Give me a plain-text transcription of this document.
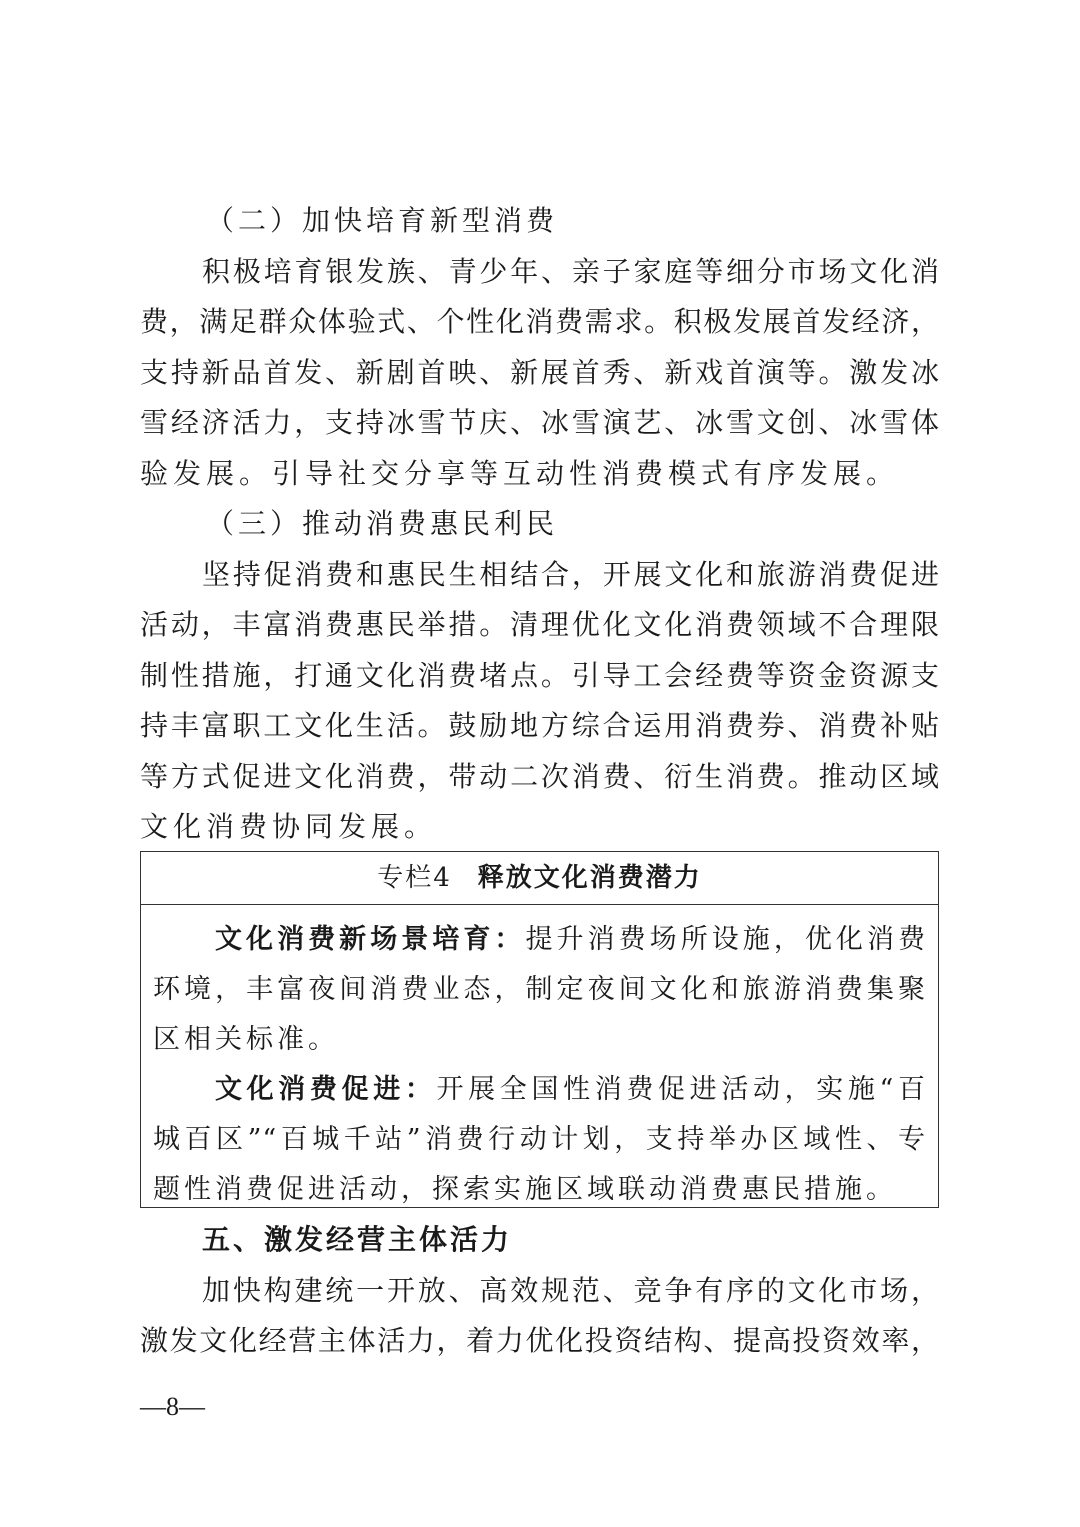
（二）加快培育新型消费
积极培育银发族、青少年、亲子家庭等细分市场文化消
费，满足群众体验式、个性化消费需求。积极发展首发经济，
支持新品首发、新剧首映、新展首秀、新戏首演等。激发冰
雪经济活力，支持冰雪节庆、冰雪演艺、冰雪文创、冰雪体
验发展。引导社交分享等互动性消费模式有序发展。
（三）推动消费惠民利民
坚持促消费和惠民生相结合，开展文化和旅游消费促进
活动，丰富消费惠民举措。清理优化文化消费领域不合理限
制性措施，打通文化消费堵点。引导工会经费等资金资源支
持丰富职工文化生活。鼓励地方综合运用消费券、消费补贴
等方式促进文化消费，带动二次消费、衍生消费。推动区域
文化消费协同发展。
专栏4 释放文化消费潜力
文化消费新场景培育：提升消费场所设施，优化消费
环境，丰富夜间消费业态，制定夜间文化和旅游消费集聚
区相关标准。
文化消费促进：开展全国性消费促进活动，实施“百
城百区”“百城千站”消费行动计划，支持举办区域性、专
题性消费促进活动，探索实施区域联动消费惠民措施。
五、激发经营主体活力
加快构建统一开放、高效规范、竞争有序的文化市场，
激发文化经营主体活力，着力优化投资结构、提高投资效率，
—8—
